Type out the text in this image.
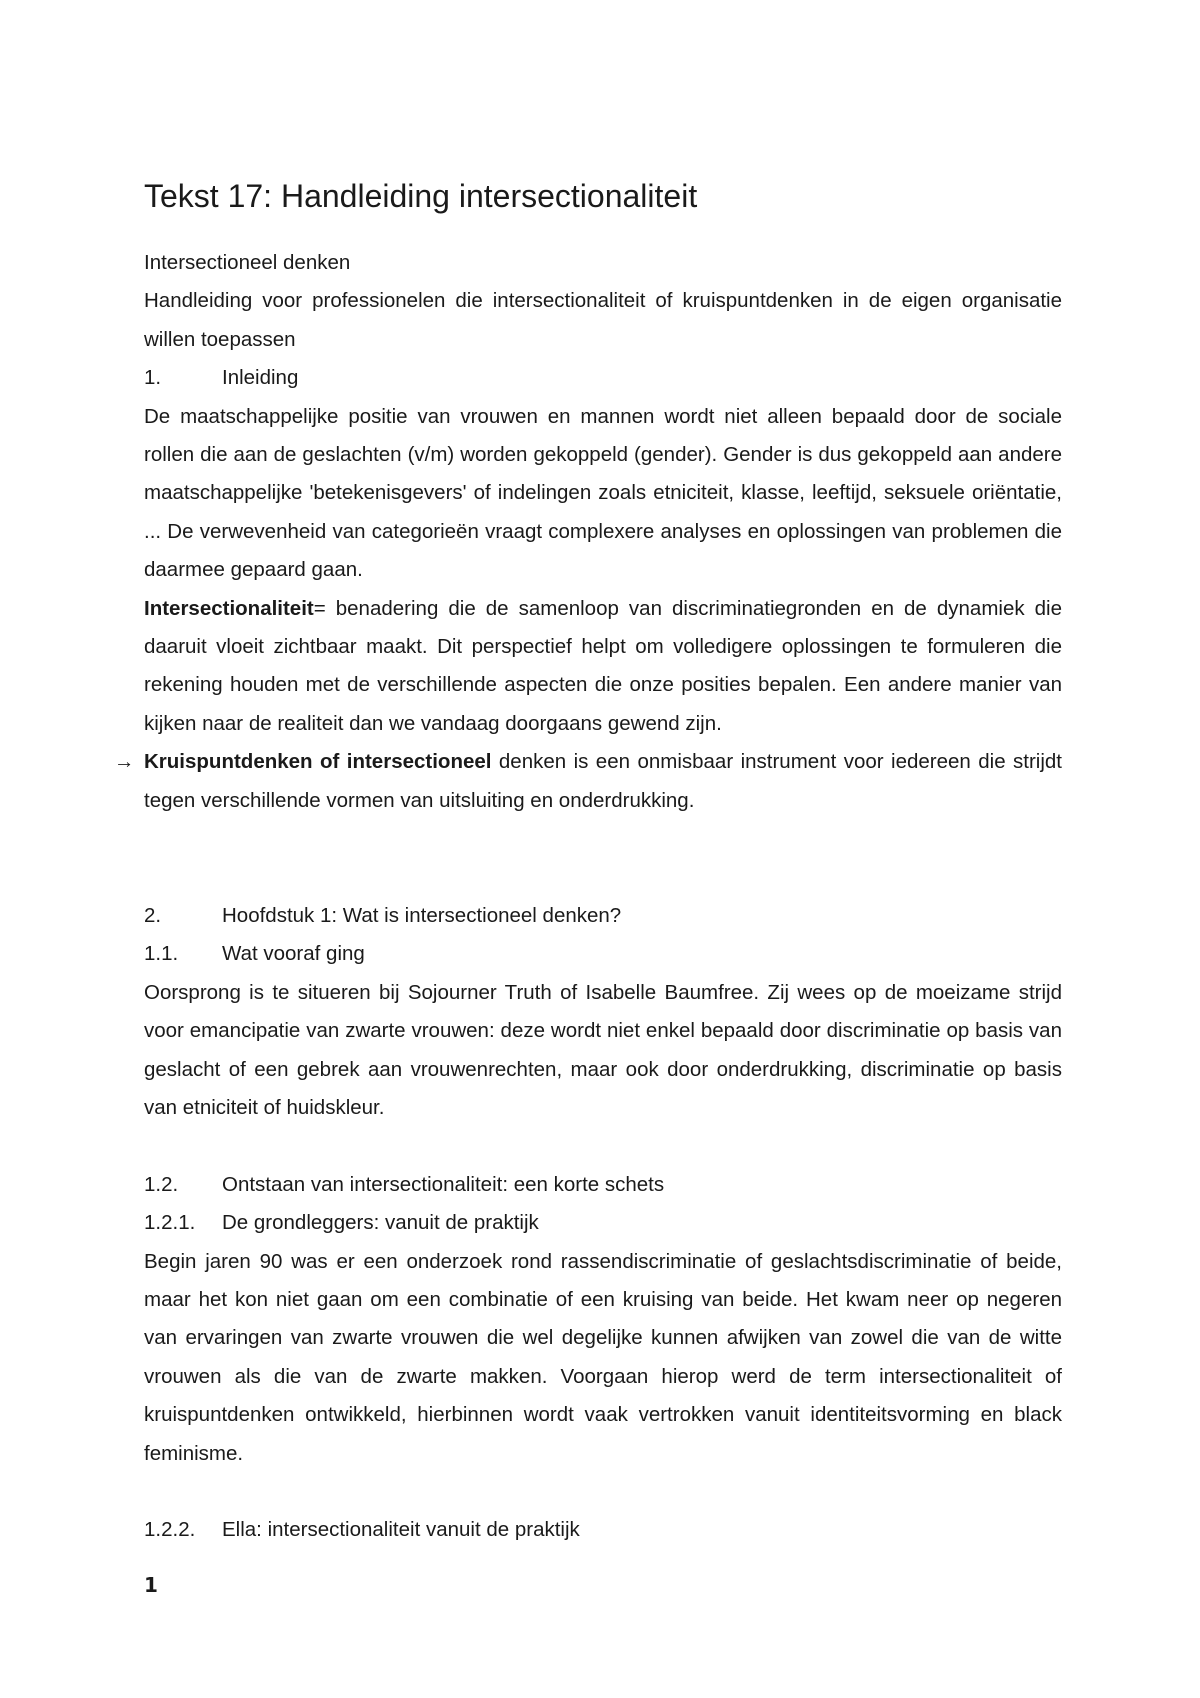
Tekst 17: Handleiding intersectionaliteit

Intersectioneel denken

Handleiding voor professionelen die intersectionaliteit of kruispuntdenken in de eigen organisatie willen toepassen

1.	Inleiding

De maatschappelijke positie van vrouwen en mannen wordt niet alleen bepaald door de sociale rollen die aan de geslachten (v/m) worden gekoppeld (gender). Gender is dus gekoppeld aan andere maatschappelijke 'betekenisgevers' of indelingen zoals etniciteit, klasse, leeftijd, seksuele oriëntatie, ... De verwevenheid van categorieën vraagt complexere analyses en oplossingen van problemen die daarmee gepaard gaan.

Intersectionaliteit= benadering die de samenloop van discriminatiegronden en de dynamiek die daaruit vloeit zichtbaar maakt. Dit perspectief helpt om volledigere oplossingen te formuleren die rekening houden met de verschillende aspecten die onze posities bepalen. Een andere manier van kijken naar de realiteit dan we vandaag doorgaans gewend zijn.

→ Kruispuntdenken of intersectioneel denken is een onmisbaar instrument voor iedereen die strijdt tegen verschillende vormen van uitsluiting en onderdrukking.

2.	Hoofdstuk 1: Wat is intersectioneel denken?

1.1.	Wat vooraf ging

Oorsprong is te situeren bij Sojourner Truth of Isabelle Baumfree. Zij wees op de moeizame strijd voor emancipatie van zwarte vrouwen: deze wordt niet enkel bepaald door discriminatie op basis van geslacht of een gebrek aan vrouwenrechten, maar ook door onderdrukking, discriminatie op basis van etniciteit of huidskleur.

1.2.	Ontstaan van intersectionaliteit: een korte schets

1.2.1.	De grondleggers: vanuit de praktijk

Begin jaren 90 was er een onderzoek rond rassendiscriminatie of geslachtsdiscriminatie of beide, maar het kon niet gaan om een combinatie of een kruising van beide. Het kwam neer op negeren van ervaringen van zwarte vrouwen die wel degelijke kunnen afwijken van zowel die van de witte vrouwen als die van de zwarte makken. Voorgaan hierop werd de term intersectionaliteit of kruispuntdenken ontwikkeld, hierbinnen wordt vaak vertrokken vanuit identiteitsvorming en black feminisme.

1.2.2.	Ella: intersectionaliteit vanuit de praktijk

1
